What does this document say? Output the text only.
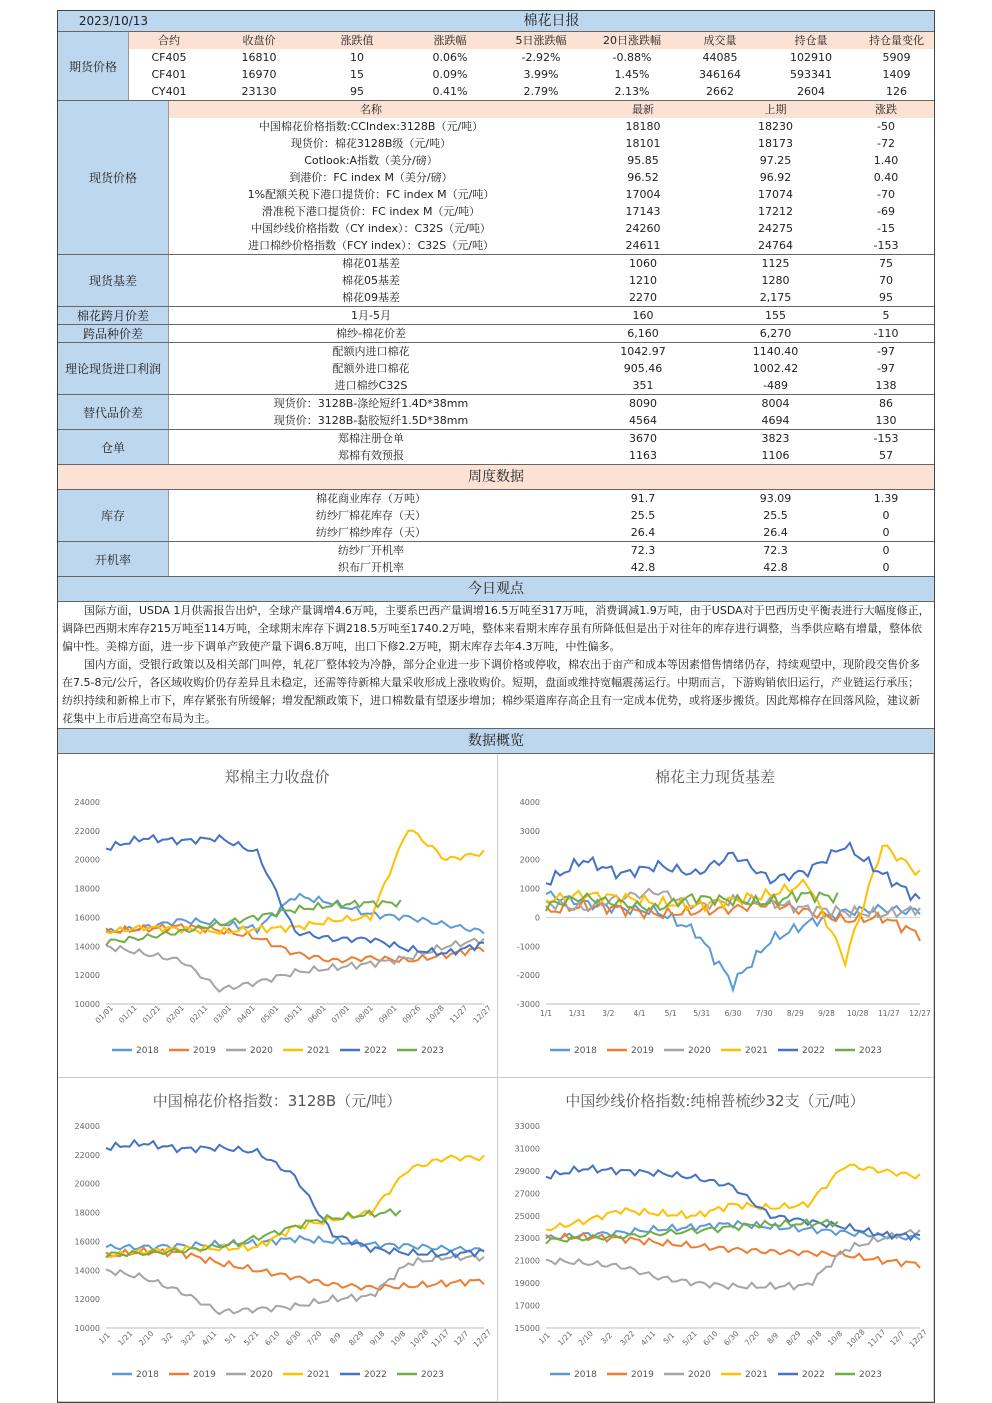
2023/10/13	棉花日报
期货价格
合约	收盘价	涨跌值	涨跌幅	5日涨跌幅	20日涨跌幅	成交量	持仓量	持仓量变化
CF405	16810	10	0.06%	-2.92%	-0.88%	44085	102910	5909
CF401	16970	15	0.09%	3.99%	1.45%	346164	593341	1409
CY401	23130	95	0.41%	2.79%	2.13%	2662	2604	126
现货价格
名称	最新	上期	涨跌
中国棉花价格指数:CCIndex:3128B（元/吨）	18180	18230	-50
现货价：棉花3128B级（元/吨）	18101	18173	-72
Cotlook:A指数（美分/磅）	95.85	97.25	1.40
到港价：FC index M（美分/磅）	96.52	96.92	0.40
1%配额关税下港口提货价：FC index M（元/吨）	17004	17074	-70
滑准税下港口提货价：FC index M（元/吨）	17143	17212	-69
中国纱线价格指数（CY index）：C32S（元/吨）	24260	24275	-15
进口棉纱价格指数（FCY index）：C32S（元/吨）	24611	24764	-153
现货基差
棉花01基差	1060	1125	75
棉花05基差	1210	1280	70
棉花09基差	2270	2,175	95
棉花跨月价差	1月-5月	160	155	5
跨品种价差	棉纱-棉花价差	6,160	6,270	-110
理论现货进口利润
配额内进口棉花	1042.97	1140.40	-97
配额外进口棉花	905.46	1002.42	-97
进口棉纱C32S	351	-489	138
替代品价差
现货价：3128B-涤纶短纤1.4D*38mm	8090	8004	86
现货价：3128B-黏胶短纤1.5D*38mm	4564	4694	130
仓单
郑棉注册仓单	3670	3823	-153
郑棉有效预报	1163	1106	57
周度数据
库存
棉花商业库存（万吨）	91.7	93.09	1.39
纺纱厂棉花库存（天）	25.5	25.5	0
纺纱厂棉纱库存（天）	26.4	26.4	0
开机率
纺纱厂开机率	72.3	72.3	0
织布厂开机率	42.8	42.8	0
今日观点
国际方面，USDA 1月供需报告出炉，全球产量调增4.6万吨，主要系巴西产量调增16.5万吨至317万吨，消费调减1.9万吨，由于USDA对于巴西历史平衡表进行大幅度修正，调降巴西期末库存215万吨至114万吨，全球期末库存下调218.5万吨至1740.2万吨，整体来看期末库存虽有所降低但是出于对往年的库存进行调整，当季供应略有增量，整体依偏中性。美棉方面，进一步下调单产致使产量下调6.8万吨，出口下修2.2万吨，期末库存去年4.3万吨，中性偏多。
国内方面，受银行政策以及相关部门叫停，轧花厂整体较为冷静，部分企业进一步下调价格或停收，棉农出于亩产和成本等因素惜售情绪仍存，持续观望中，现阶段交售价多在7.5-8元/公斤，各区域收购价仍存差异且未稳定，还需等待新棉大量采收形成上涨收购价。短期，盘面或维持宽幅震荡运行。中期而言，下游购销依旧运行，产业链运行承压；纺织持续和新棉上市下，库存紧张有所缓解；增发配额政策下，进口棉数量有望逐步增加；棉纱渠道库存高企且有一定成本优势，或将逐步搬货。因此郑棉存在回落风险，建议新花集中上市后进高空布局为主。
数据概览
郑棉主力收盘价
10000
12000
14000
16000
18000
20000
22000
24000
01/01 01/11 01/21 02/01 02/11 03/01 04/01 05/01 05/11 06/01 07/01 08/01 09/01 09/26 10/28 11/27 12/27
2018	2019	2020	2021	2022	2023
棉花主力现货基差
-3000
-2000
-1000
0
1000
2000
3000
4000
1/1 1/31 3/2	4/1	5/1 5/31 6/30 7/30 8/29 9/28 10/28 11/27 12/27
2018	2019	2020	2021	2022	2023
中国棉花价格指数：3128B（元/吨）
10000
12000
14000
16000
18000
20000
22000
24000
1/1 1/21 2/10 3/2 3/22 4/11 5/1 5/21 6/10 6/30 7/20 8/9 8/29 9/18 10/8 10/28 11/17 12/7 12/27
2018	2019	2020	2021	2022	2023
中国纱线价格指数:纯棉普梳纱32支（元/吨）
15000
17000
19000
21000
23000
25000
27000
29000
31000
33000
1/1 1/21 2/10 3/2 3/22 4/11 5/1 5/21 6/10 6/30 7/20 8/9 8/29 9/18 10/8 10/28 11/17 12/7 12/27
2018	2019	2020	2021	2022	2023
